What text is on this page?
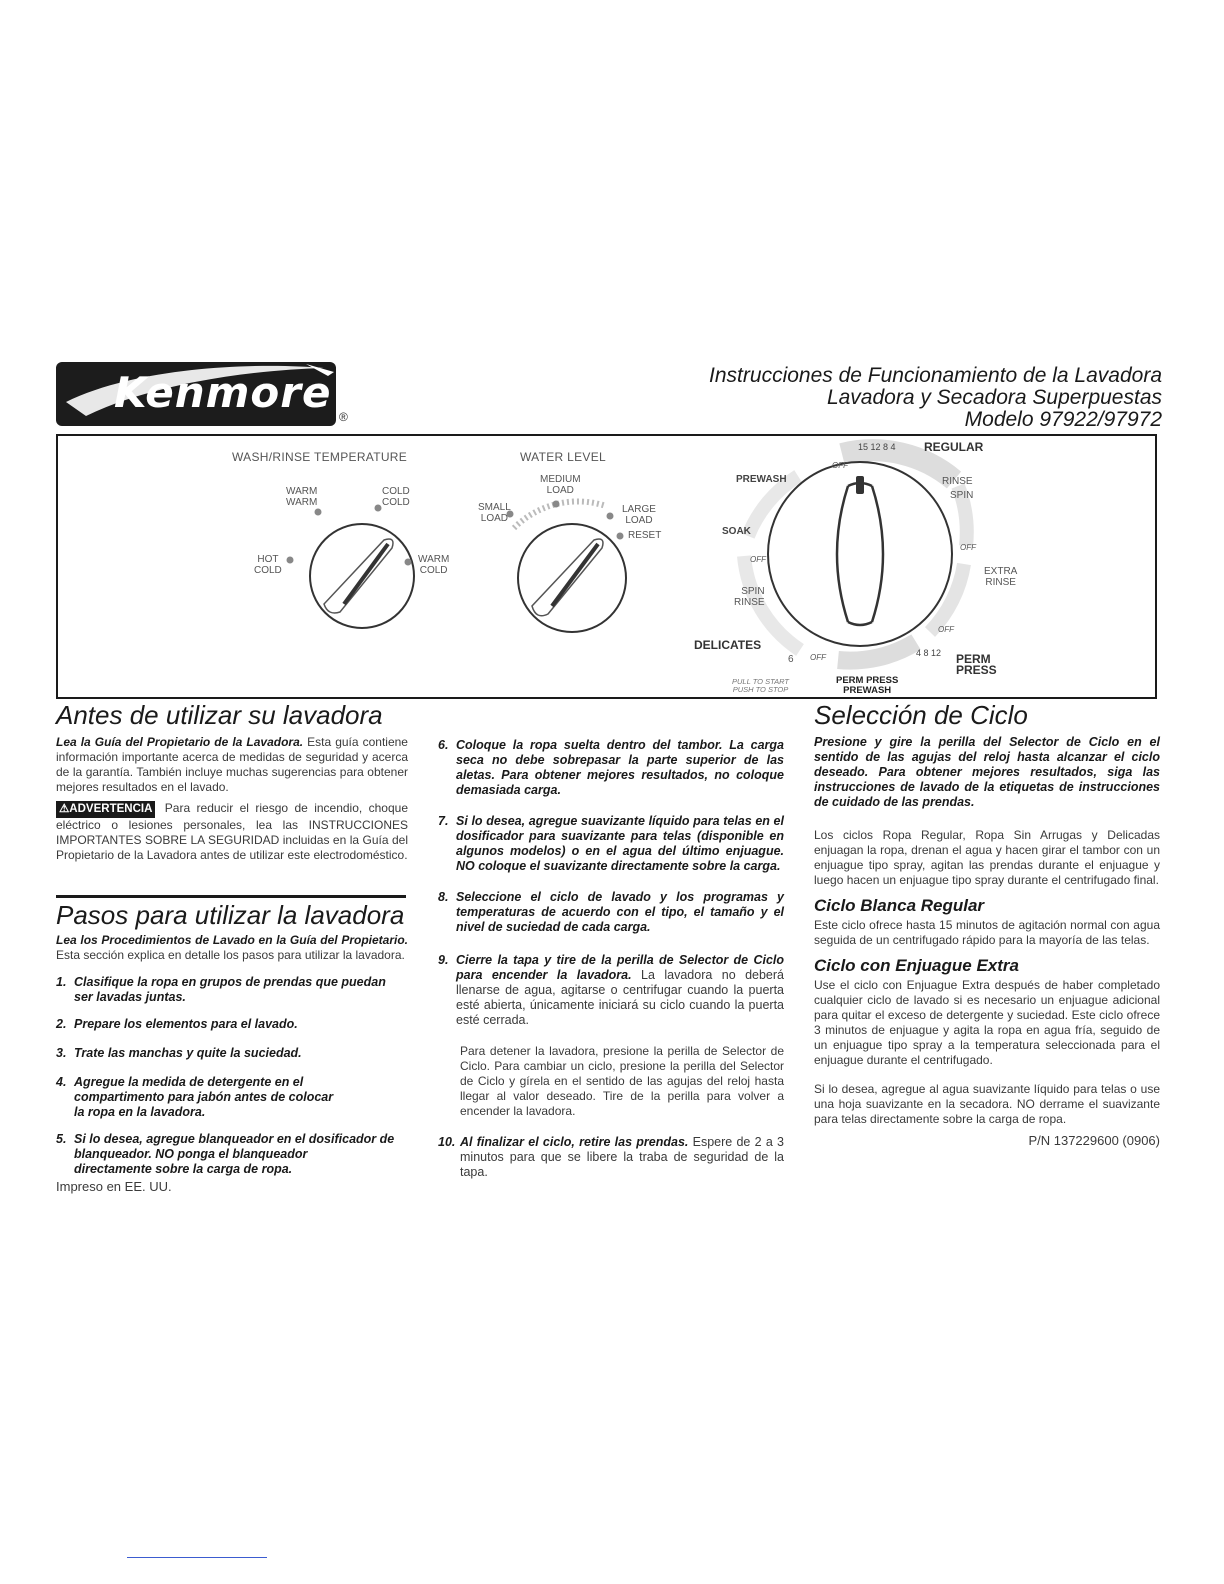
Kenmore ®
Instrucciones de Funcionamiento de la Lavadora
Lavadora y Secadora Superpuestas
Modelo 97922/97972
WASH/RINSE TEMPERATURE
WARM
WARM
COLD
COLD
HOT
COLD
WARM
COLD
WATER LEVEL
MEDIUM
LOAD
SMALL
LOAD
LARGE
LOAD
RESET
15 12 8 4 REGULAR
PREWASH
OFF
RINSE
SPIN
SOAK
OFF
OFF
EXTRA
RINSE
SPIN
RINSE
OFF
DELICATES
6 OFF	4 8 12 PERM
PRESS
PULL TO START
PUSH TO STOP
PERM PRESS
PREWASH
Antes de utilizar su lavadora

Lea la Guía del Propietario de la Lavadora. Esta guía contiene información importante acerca de medidas de seguridad y acerca de la garantía. También incluye muchas sugerencias para obtener mejores resultados en el lavado.

⚠ADVERTENCIA Para reducir el riesgo de incendio, choque eléctrico o lesiones personales, lea las INSTRUCCIONES IMPORTANTES SOBRE LA SEGURIDAD incluidas en la Guía del Propietario de la Lavadora antes de utilizar este electrodoméstico.

Pasos para utilizar la lavadora

Lea los Procedimientos de Lavado en la Guía del Propietario. Esta sección explica en detalle los pasos para utilizar la lavadora.

1. Clasifique la ropa en grupos de prendas que puedan
ser lavadas juntas.
2. Prepare los elementos para el lavado.
3. Trate las manchas y quite la suciedad.
4. Agregue la medida de detergente en el
compartimento para jabón antes de colocar
la ropa en la lavadora.
5. Si lo desea, agregue blanqueador en el dosificador de
blanqueador. NO ponga el blanqueador
directamente sobre la carga de ropa.

Impreso en EE. UU.

6. Coloque la ropa suelta dentro del tambor. La carga seca no debe sobrepasar la parte superior de las aletas. Para obtener mejores resultados, no coloque demasiada carga.
7. Si lo desea, agregue suavizante líquido para telas en el dosificador para suavizante para telas (disponible en algunos modelos) o en el agua del último enjuague. NO coloque el suavizante directamente sobre la carga.
8. Seleccione el ciclo de lavado y los programas y temperaturas de acuerdo con el tipo, el tamaño y el nivel de suciedad de cada carga.
9. Cierre la tapa y tire de la perilla de Selector de Ciclo para encender la lavadora. La lavadora no deberá llenarse de agua, agitarse o centrifugar cuando la puerta esté abierta, únicamente iniciará su ciclo cuando la puerta esté cerrada.

Para detener la lavadora, presione la perilla de Selector de Ciclo. Para cambiar un ciclo, presione la perilla del Selector de Ciclo y gírela en el sentido de las agujas del reloj hasta llegar al valor deseado. Tire de la perilla para volver a encender la lavadora.

10. Al finalizar el ciclo, retire las prendas. Espere de 2 a 3 minutos para que se libere la traba de seguridad de la tapa.
Selección de Ciclo

Presione y gire la perilla del Selector de Ciclo en el sentido de las agujas del reloj hasta alcanzar el ciclo deseado. Para obtener mejores resultados, siga las instrucciones de lavado de la etiquetas de instrucciones de cuidado de las prendas.

Los ciclos Ropa Regular, Ropa Sin Arrugas y Delicadas enjuagan la ropa, drenan el agua y hacen girar el tambor con un enjuague tipo spray, agitan las prendas durante el enjuague y luego hacen un enjuague tipo spray durante el centrifugado final.

Ciclo Blanca Regular

Este ciclo ofrece hasta 15 minutos de agitación normal con agua seguida de un centrifugado rápido para la mayoría de las telas.

Ciclo con Enjuague Extra

Use el ciclo con Enjuague Extra después de haber completado cualquier ciclo de lavado si es necesario un enjuague adicional para quitar el exceso de detergente y suciedad. Este ciclo ofrece 3 minutos de enjuague y agita la ropa en agua fría, seguido de un enjuague tipo spray a la temperatura seleccionada para el enjuague durante el centrifugado.

Si lo desea, agregue al agua suavizante líquido para telas o use una hoja suavizante en la secadora. NO derrame el suavizante para telas directamente sobre la carga de ropa.

P/N 137229600 (0906)
